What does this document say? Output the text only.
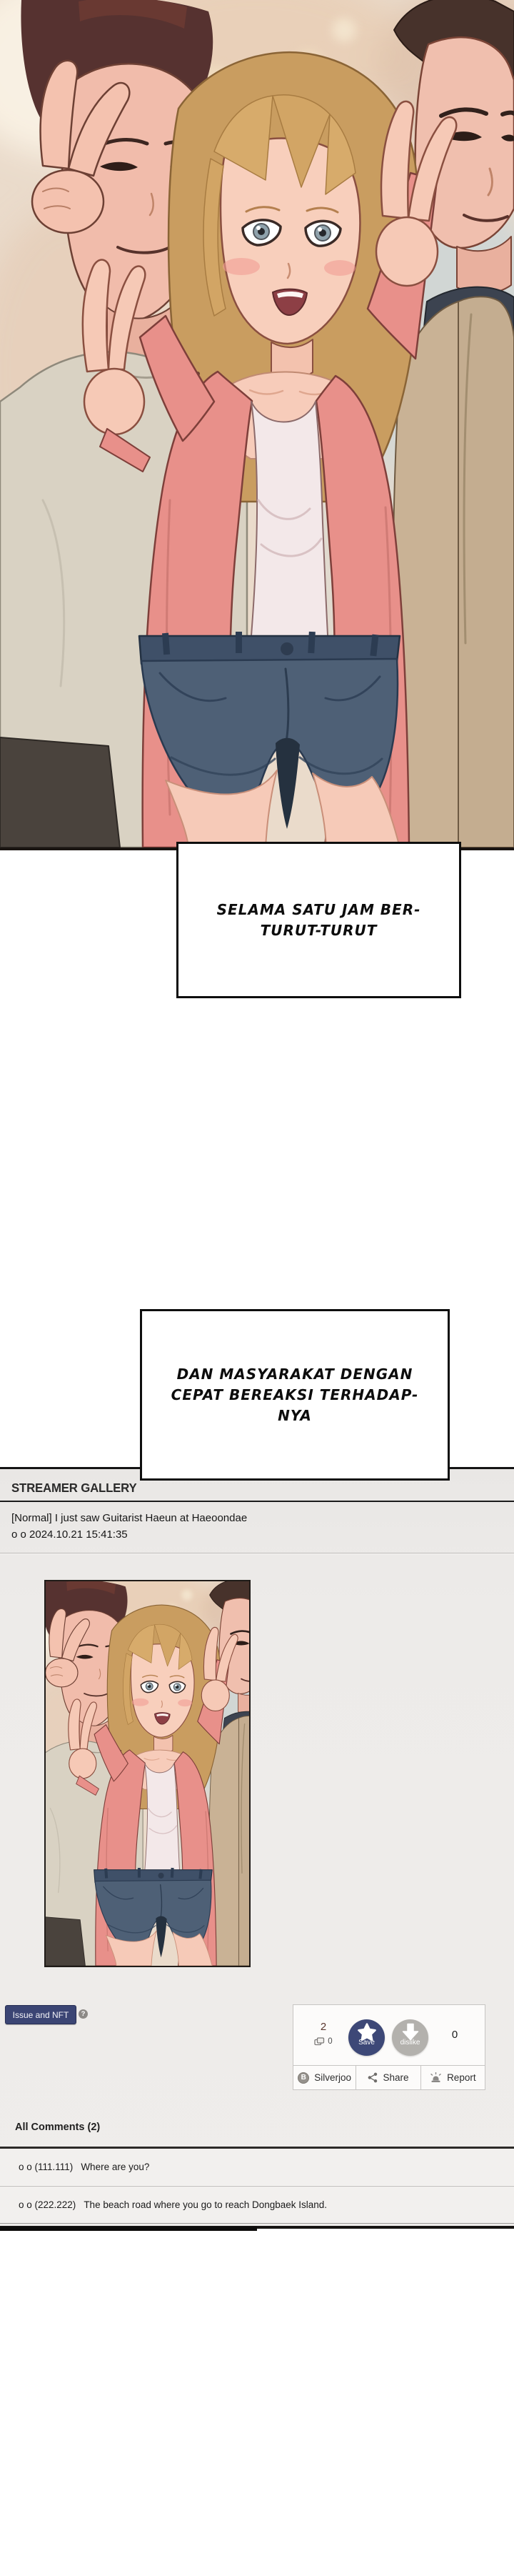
SELAMA SATU JAM BER-
TURUT-TURUT
DAN MASYARAKAT DENGAN
CEPAT BEREAKSI TERHADAP-
NYA
STREAMER GALLERY
[Normal] I just saw Guitarist Haeun at Haeoondae
o o 2024.10.21 15:41:35
Issue and NFT ?
2
0	Save	dislike
0
B Silverjoo	Share	Report
All Comments (2)
o o (111.111) Where are you?
o o (222.222) The beach road where you go to reach Dongbaek Island.
